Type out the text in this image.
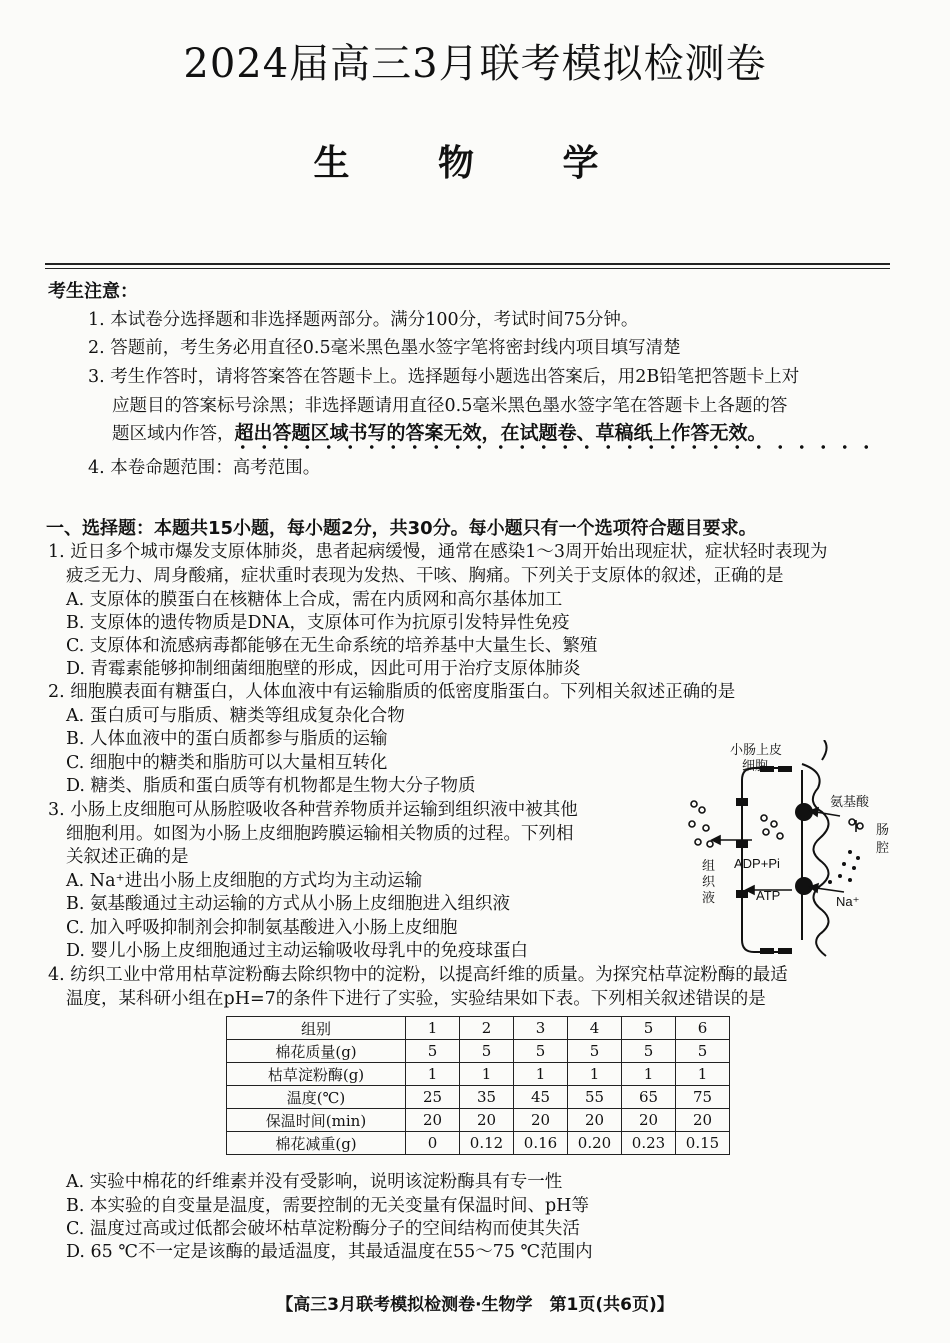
2024届高三3月联考模拟检测卷
生 物 学
考生注意：
1. 本试卷分选择题和非选择题两部分。满分100分，考试时间75分钟。
2. 答题前，考生务必用直径0.5毫米黑色墨水签字笔将密封线内项目填写清楚
3. 考生作答时，请将答案答在答题卡上。选择题每小题选出答案后，用2B铅笔把答题卡上对
应题目的答案标号涂黑；非选择题请用直径0.5毫米黑色墨水签字笔在答题卡上各题的答
题区域内作答，超出答题区域书写的答案无效，在试题卷、草稿纸上作答无效。
4. 本卷命题范围：高考范围。
一、选择题：本题共15小题，每小题2分，共30分。每小题只有一个选项符合题目要求。
1. 近日多个城市爆发支原体肺炎，患者起病缓慢，通常在感染1～3周开始出现症状，症状轻时表现为
疲乏无力、周身酸痛，症状重时表现为发热、干咳、胸痛。下列关于支原体的叙述，正确的是
A. 支原体的膜蛋白在核糖体上合成，需在内质网和高尔基体加工
B. 支原体的遗传物质是DNA，支原体可作为抗原引发特异性免疫
C. 支原体和流感病毒都能够在无生命系统的培养基中大量生长、繁殖
D. 青霉素能够抑制细菌细胞壁的形成，因此可用于治疗支原体肺炎
2. 细胞膜表面有糖蛋白，人体血液中有运输脂质的低密度脂蛋白。下列相关叙述正确的是
A. 蛋白质可与脂质、糖类等组成复杂化合物
B. 人体血液中的蛋白质都参与脂质的运输
C. 细胞中的糖类和脂肪可以大量相互转化
D. 糖类、脂质和蛋白质等有机物都是生物大分子物质
3. 小肠上皮细胞可从肠腔吸收各种营养物质并运输到组织液中被其他
细胞利用。如图为小肠上皮细胞跨膜运输相关物质的过程。下列相
关叙述正确的是
A. Na⁺进出小肠上皮细胞的方式均为主动运输
B. 氨基酸通过主动运输的方式从小肠上皮细胞进入组织液
C. 加入呼吸抑制剂会抑制氨基酸进入小肠上皮细胞
D. 婴儿小肠上皮细胞通过主动运输吸收母乳中的免疫球蛋白
小肠上皮
细胞
氨基酸
肠
腔
组
织
液
ADP+Pi
ATP	Na⁺
4. 纺织工业中常用枯草淀粉酶去除织物中的淀粉，以提高纤维的质量。为探究枯草淀粉酶的最适
温度，某科研小组在pH=7的条件下进行了实验，实验结果如下表。下列相关叙述错误的是
组别	1	2	3	4	5	6
棉花质量(g)	5	5	5	5	5	5
枯草淀粉酶(g)	1	1	1	1	1	1
温度(℃)	25	35	45	55	65	75
保温时间(min)	20	20	20	20	20	20
棉花减重(g)	0	0.12	0.16	0.20	0.23	0.15
A. 实验中棉花的纤维素并没有受影响，说明该淀粉酶具有专一性
B. 本实验的自变量是温度，需要控制的无关变量有保温时间、pH等
C. 温度过高或过低都会破坏枯草淀粉酶分子的空间结构而使其失活
D. 65 ℃不一定是该酶的最适温度，其最适温度在55～75 ℃范围内
【高三3月联考模拟检测卷·生物学　第1页(共6页)】
